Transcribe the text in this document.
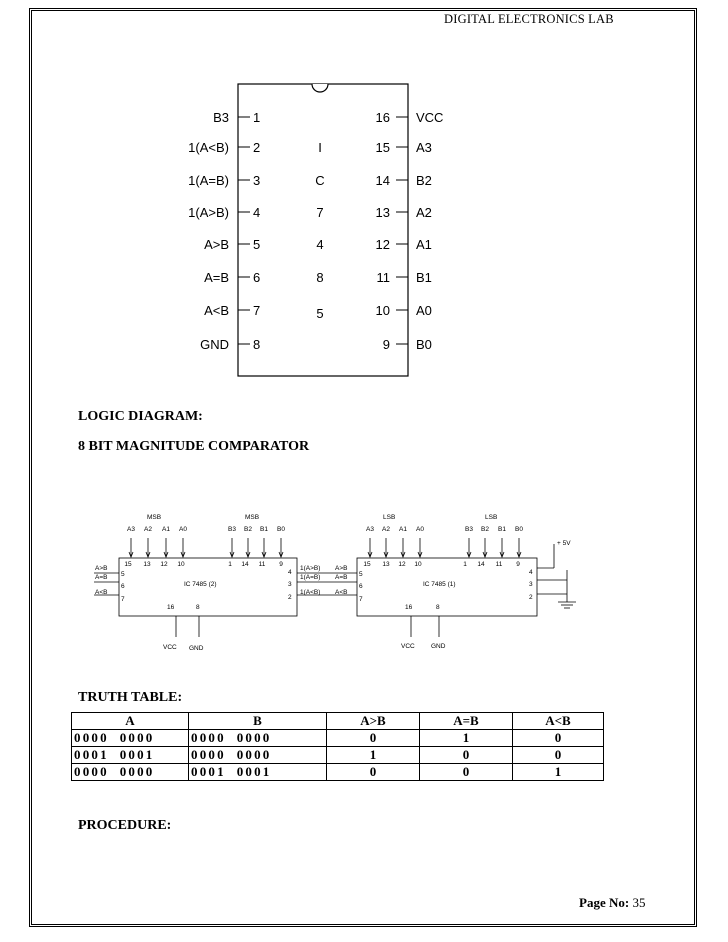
DIGITAL ELECTRONICS LAB
B3 1
1(A<B) 2
1(A=B) 3
1(A>B) 4
A>B 5
A=B 6
A<B 7
GND 8
16 VCC
15 A3
14 B2
13 A2
12 A1
11 B1
10 A0
9 B0
I
C
7
4
8
5
LOGIC DIAGRAM:
8 BIT MAGNITUDE COMPARATOR
MSB	MSB	LSB	LSB
IC 7485 (2)	IC 7485 (1)
VCC GND	VCC	GND
+ 5V
A3
15
A2
13
A1
12
A0
10
B3
1
B2
14
B1
11
B0
9
A3
15
A2
13
A1
12
A0
10
B3
1
B2
14
B1
11
B0
9
A>B
5
A=B
6
A<B
7
A>B
5
A=B
6
A<B
7
4
3
2
4
3
2
1(A>B)
1(A=B)
1(A<B)
16	8	16	8
TRUTH TABLE:
A	B	A>B	A=B	A<B
0000  0000	0000  0000	0	1	0
0001  0001	0000  0000	1	0	0
0000  0000	0001  0001	0	0	1
PROCEDURE:
Page No: 35
